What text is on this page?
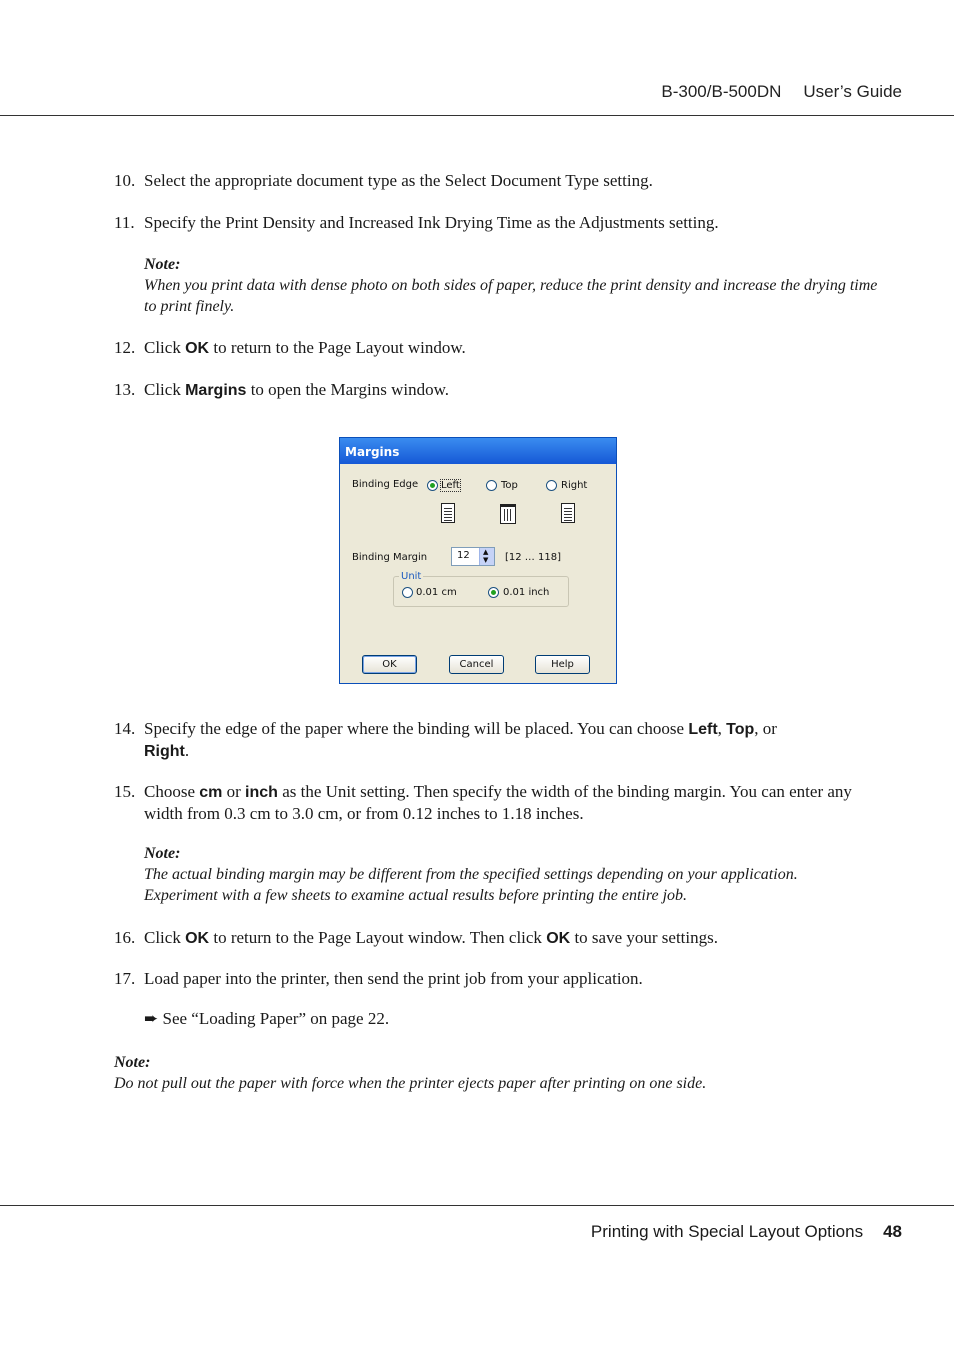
B-300/B-500DN User’s Guide
10. Select the appropriate document type as the Select Document Type setting.
11. Specify the Print Density and Increased Ink Drying Time as the Adjustments setting.
Note:
When you print data with dense photo on both sides of paper, reduce the print density and increase the drying time to print finely.
12. Click OK to return to the Page Layout window.
13. Click Margins to open the Margins window.
Margins
Binding Edge Left	Top	Right
Binding Margin	12 ▲
▼ [12 … 118]
Unit
0.01 cm	0.01 inch
OK	Cancel	Help
14. Specify the edge of the paper where the binding will be placed. You can choose Left, Top, or
Right.
15. Choose cm or inch as the Unit setting. Then specify the width of the binding margin. You can enter any width from 0.3 cm to 3.0 cm, or from 0.12 inches to 1.18 inches.
Note:
The actual binding margin may be different from the specified settings depending on your application. Experiment with a few sheets to examine actual results before printing the entire job.
16. Click OK to return to the Page Layout window. Then click OK to save your settings.
17. Load paper into the printer, then send the print job from your application.
➨ See “Loading Paper” on page 22.
Note:
Do not pull out the paper with force when the printer ejects paper after printing on one side.
Printing with Special Layout Options 48
